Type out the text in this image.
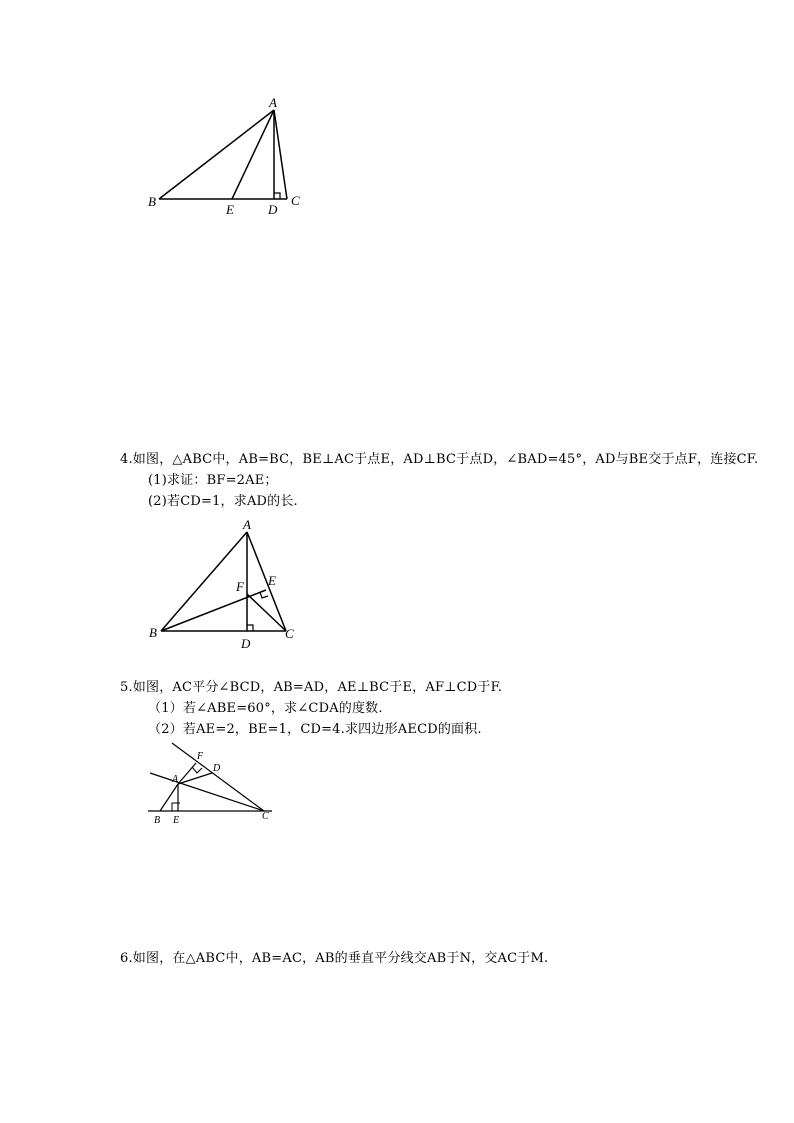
A
B
E	D
C
4.如图，△ABC中，AB=BC，BE⊥AC于点E，AD⊥BC于点D，∠BAD=45°，AD与BE交于点F，连接CF.
(1)求证：BF=2AE；
(2)若CD=1，求AD的长.
A
F E
B
D
C
5.如图，AC平分∠BCD，AB=AD，AE⊥BC于E，AF⊥CD于F.
（1）若∠ABE=60°，求∠CDA的度数.
（2）若AE=2，BE=1，CD=4.求四边形AECD的面积.
F
D
A
B E	C
6.如图，在△ABC中，AB=AC，AB的垂直平分线交AB于N，交AC于M.
